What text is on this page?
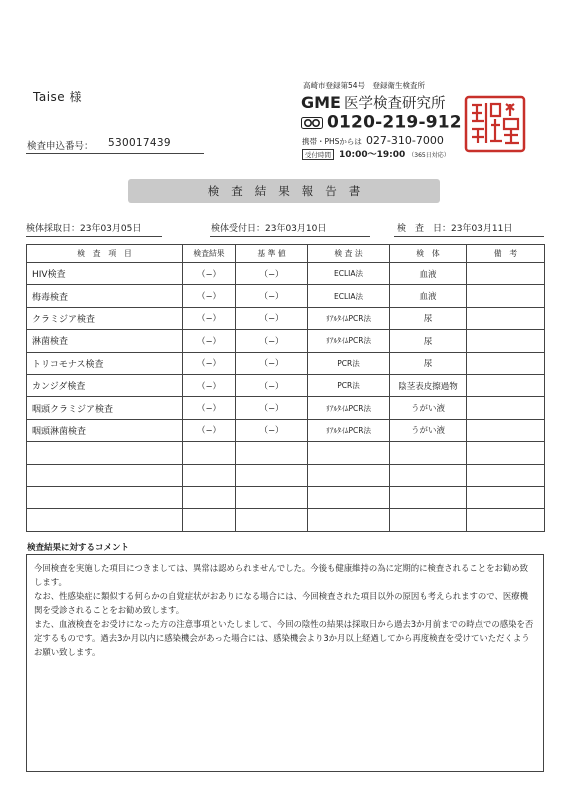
Taise 様
検査申込番号： 530017439
高崎市登録第54号　登録衛生検査所
GME 医学検査研究所
0120-219-912
携帯・PHSからは 027-310-7000
受付時間 10:00～19:00 （365日対応）
検査結果報告書
検体採取日：23年03月05日	検体受付日：23年03月10日	検　査　日：23年03月11日
検　査　項　目	検査結果	基 準 値	検 査 法	検　体	備　考
HIV検査	（−）	（−）	ECLIA法	血液	
梅毒検査	（−）	（−）	ECLIA法	血液	
クラミジア検査	（−）	（−）	ﾘｱﾙﾀｲﾑPCR法	尿	
淋菌検査	（−）	（−）	ﾘｱﾙﾀｲﾑPCR法	尿	
トリコモナス検査	（−）	（−）	PCR法	尿	
カンジダ検査	（−）	（−）	PCR法	陰茎表皮擦過物	
咽頭クラミジア検査	（−）	（−）	ﾘｱﾙﾀｲﾑPCR法	うがい液	
咽頭淋菌検査	（−）	（−）	ﾘｱﾙﾀｲﾑPCR法	うがい液	

検査結果に対するコメント

今回検査を実施した項目につきましては、異常は認められませんでした。今後も健康維持の為に定期的に検査されることをお勧め致します。

なお、性感染症に類似する何らかの自覚症状がおありになる場合には、今回検査された項目以外の原因も考えられますので、医療機関を受診されることをお勧め致します。

また、血液検査をお受けになった方の注意事項といたしまして、今回の陰性の結果は採取日から過去3か月前までの時点での感染を否定するものです。過去3か月以内に感染機会があった場合には、感染機会より3か月以上経過してから再度検査を受けていただくようお願い致します。
